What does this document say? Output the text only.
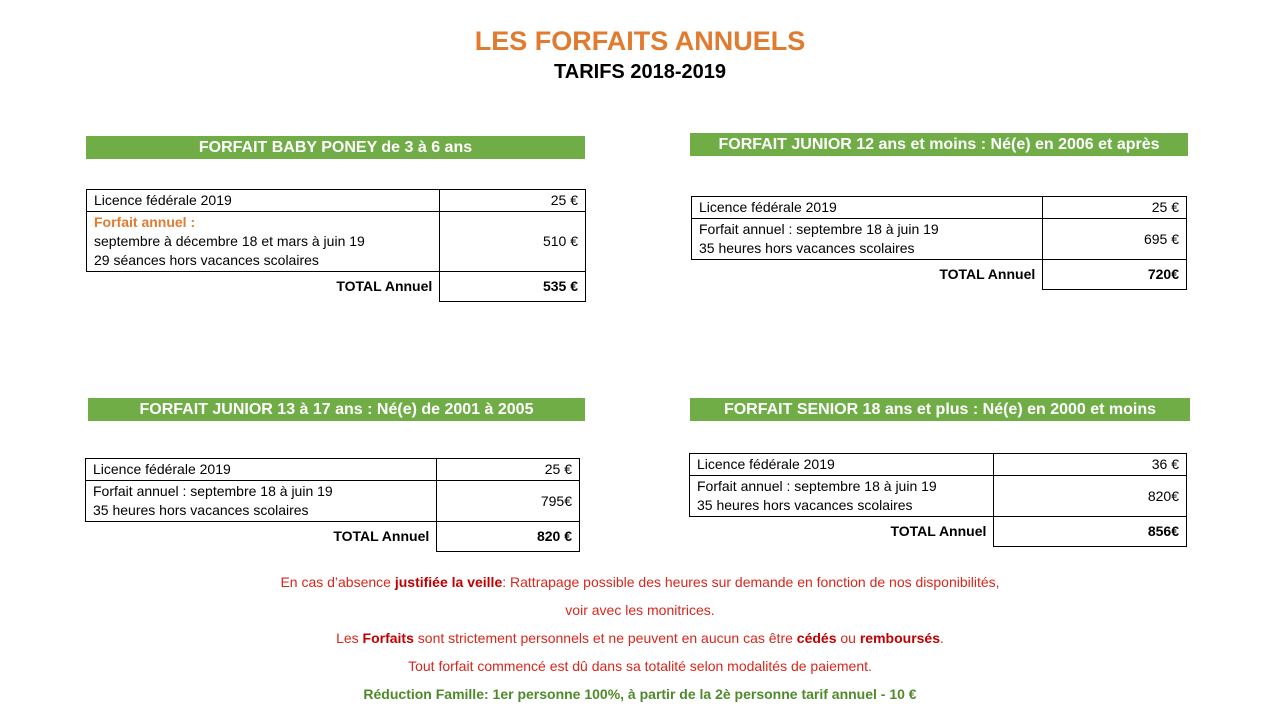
LES FORFAITS ANNUELS
TARIFS 2018-2019
FORFAIT BABY PONEY de 3 à 6 ans
Licence fédérale 2019	25 €

Forfait annuel :
septembre à décembre 18 et mars à juin 19
29 séances hors vacances scolaires	510 €
TOTAL Annuel	535 €
FORFAIT JUNIOR 12 ans et moins : Né(e) en 2006 et après
Licence fédérale 2019	25 €

Forfait annuel : septembre 18 à juin 19
35 heures hors vacances scolaires	695 €
TOTAL Annuel	720€
FORFAIT JUNIOR 13 à 17 ans : Né(e) de 2001 à 2005
Licence fédérale 2019	25 €

Forfait annuel : septembre 18 à juin 19
35 heures hors vacances scolaires	795€
TOTAL Annuel	820 €
FORFAIT SENIOR 18 ans et plus : Né(e) en 2000 et moins
Licence fédérale 2019	36 €

Forfait annuel : septembre 18 à juin 19
35 heures hors vacances scolaires	820€
TOTAL Annuel	856€
En cas d’absence justifiée la veille: Rattrapage possible des heures sur demande en fonction de nos disponibilités,
voir avec les monitrices.
Les Forfaits sont strictement personnels et ne peuvent en aucun cas être cédés ou remboursés.
Tout forfait commencé est dû dans sa totalité selon modalités de paiement.
Réduction Famille: 1er personne 100%, à partir de la 2è personne tarif annuel - 10 €
